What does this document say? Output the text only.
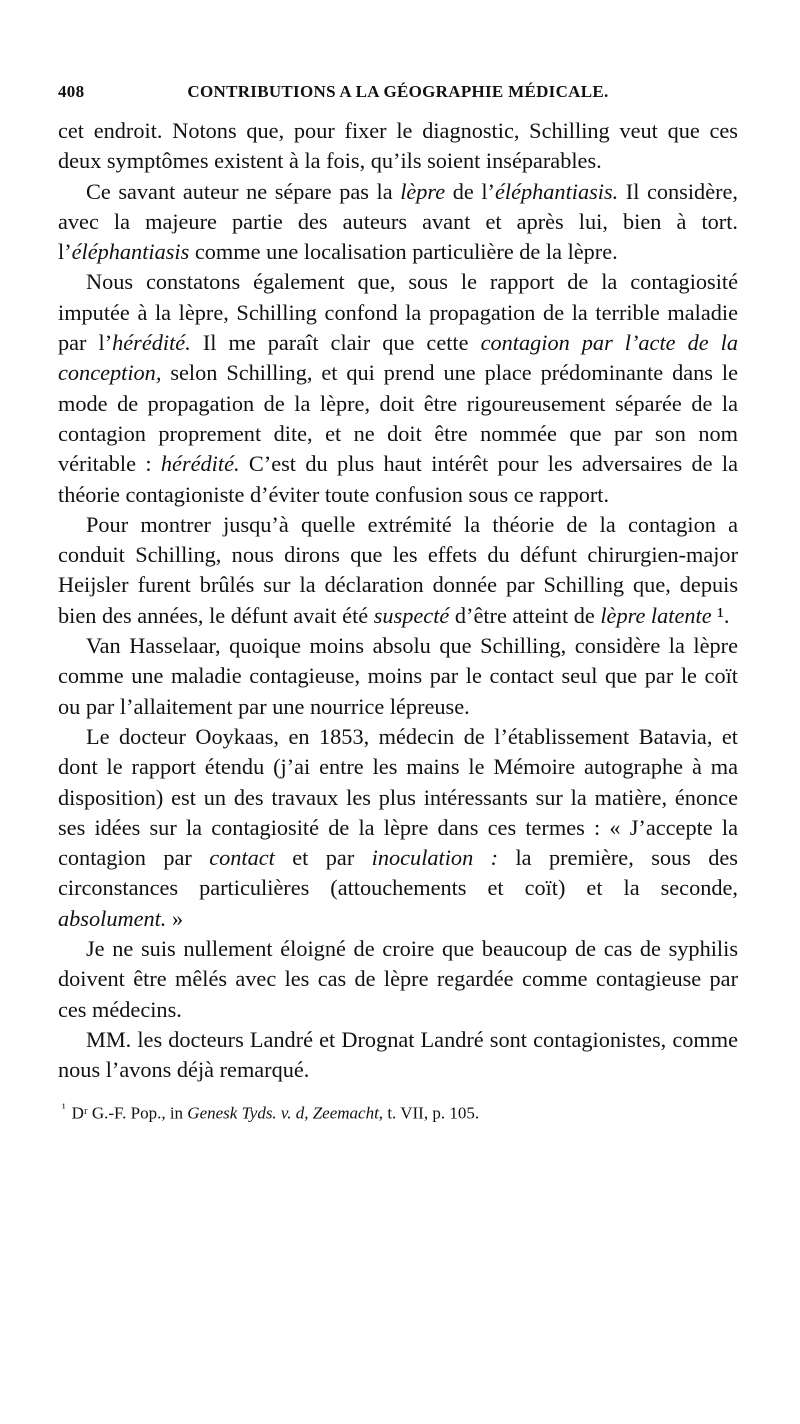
408	CONTRIBUTIONS A LA GÉOGRAPHIE MÉDICALE.

cet endroit. Notons que, pour fixer le diagnostic, Schilling veut que ces deux symptômes existent à la fois, qu’ils soient inséparables.

Ce savant auteur ne sépare pas la lèpre de l’éléphantiasis. Il considère, avec la majeure partie des auteurs avant et après lui, bien à tort. l’éléphantiasis comme une localisation particulière de la lèpre.

Nous constatons également que, sous le rapport de la contagiosité imputée à la lèpre, Schilling confond la propagation de la terrible maladie par l’hérédité. Il me paraît clair que cette contagion par l’acte de la conception, selon Schilling, et qui prend une place prédominante dans le mode de propagation de la lèpre, doit être rigoureusement séparée de la contagion proprement dite, et ne doit être nommée que par son nom véritable : hérédité. C’est du plus haut intérêt pour les adversaires de la théorie contagioniste d’éviter toute confusion sous ce rapport.

Pour montrer jusqu’à quelle extrémité la théorie de la contagion a conduit Schilling, nous dirons que les effets du défunt chirurgien-major Heijsler furent brûlés sur la déclaration donnée par Schilling que, depuis bien des années, le défunt avait été suspecté d’être atteint de lèpre latente ¹.

Van Hasselaar, quoique moins absolu que Schilling, considère la lèpre comme une maladie contagieuse, moins par le contact seul que par le coït ou par l’allaitement par une nourrice lépreuse.

Le docteur Ooykaas, en 1853, médecin de l’établissement Batavia, et dont le rapport étendu (j’ai entre les mains le Mémoire autographe à ma disposition) est un des travaux les plus intéressants sur la matière, énonce ses idées sur la contagiosité de la lèpre dans ces termes : « J’accepte la contagion par contact et par inoculation : la première, sous des circonstances particulières (attouchements et coït) et la seconde, absolument. »

Je ne suis nullement éloigné de croire que beaucoup de cas de syphilis doivent être mêlés avec les cas de lèpre regardée comme contagieuse par ces médecins.

MM. les docteurs Landré et Drognat Landré sont contagionistes, comme nous l’avons déjà remarqué.

$^{^1}$ Dʳ G.-F. Pop., in Genesk Tyds. v. d, Zeemacht, t. VII, p. 105.
